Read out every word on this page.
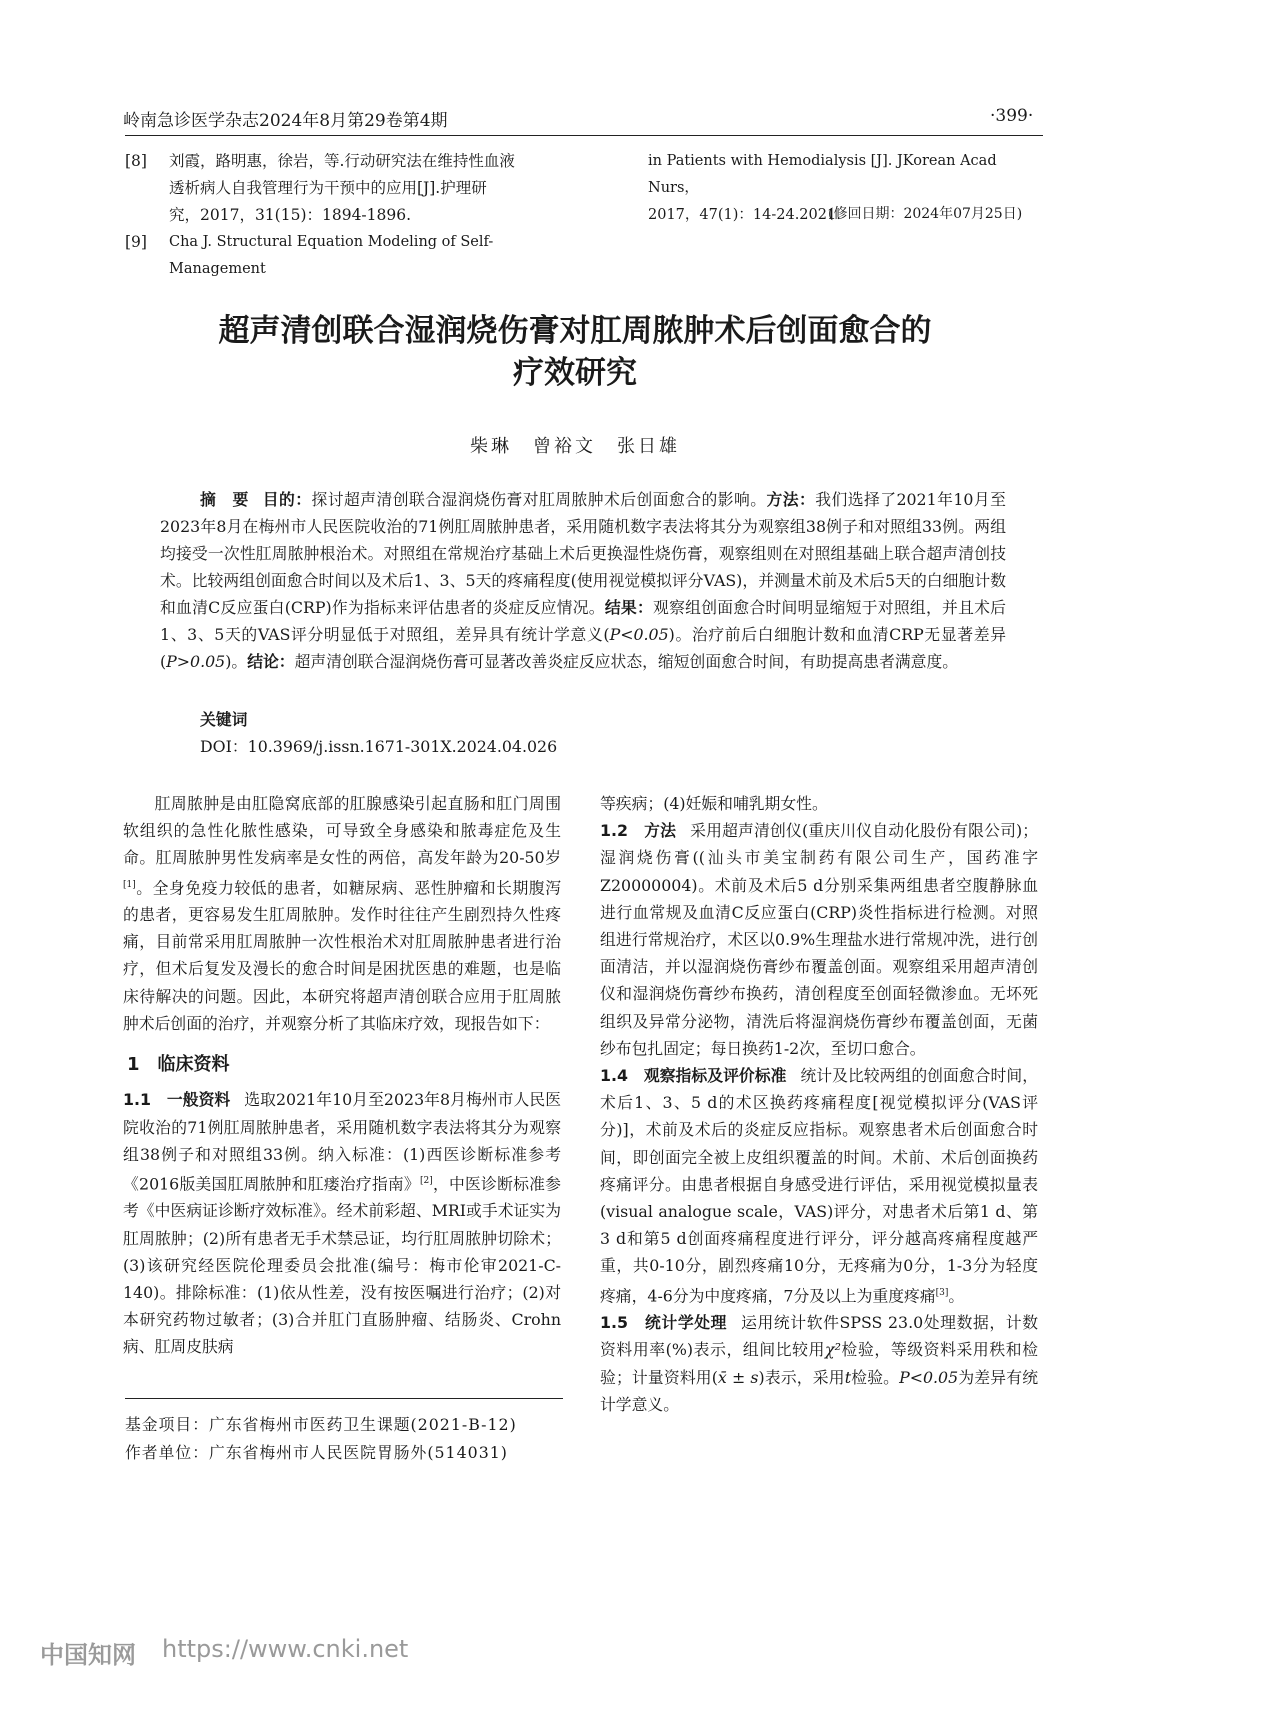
岭南急诊医学杂志2024年8月第29卷第4期	·399·
[8] 刘霞，路明惠，徐岩，等.行动研究法在维持性血液
透析病人自我管理行为干预中的应用[J].护理研
究，2017，31(15)：1894-1896.
[9] Cha J. Structural Equation Modeling of Self-Management
in Patients with Hemodialysis [J]. JKorean Acad Nurs，
2017，47(1)：14-24.2021.
(修回日期：2024年07月25日)
超声清创联合湿润烧伤膏对肛周脓肿术后创面愈合的
疗效研究
柴琳　曾裕文　张日雄
摘　要 目的：探讨超声清创联合湿润烧伤膏对肛周脓肿术后创面愈合的影响。方法：我们选择了2021年10月至2023年8月在梅州市人民医院收治的71例肛周脓肿患者，采用随机数字表法将其分为观察组38例子和对照组33例。两组均接受一次性肛周脓肿根治术。对照组在常规治疗基础上术后更换湿性烧伤膏，观察组则在对照组基础上联合超声清创技术。比较两组创面愈合时间以及术后1、3、5天的疼痛程度(使用视觉模拟评分VAS)，并测量术前及术后5天的白细胞计数和血清C反应蛋白(CRP)作为指标来评估患者的炎症反应情况。结果：观察组创面愈合时间明显缩短于对照组，并且术后1、3、5天的VAS评分明显低于对照组，差异具有统计学意义(P<0.05)。治疗前后白细胞计数和血清CRP无显著差异(P>0.05)。结论：超声清创联合湿润烧伤膏可显著改善炎症反应状态，缩短创面愈合时间，有助提高患者满意度。
关键词
DOI：10.3969/j.issn.1671-301X.2024.04.026

肛周脓肿是由肛隐窝底部的肛腺感染引起直肠和肛门周围软组织的急性化脓性感染，可导致全身感染和脓毒症危及生命。肛周脓肿男性发病率是女性的两倍，高发年龄为20-50岁[1]。全身免疫力较低的患者，如糖尿病、恶性肿瘤和长期腹泻的患者，更容易发生肛周脓肿。发作时往往产生剧烈持久性疼痛，目前常采用肛周脓肿一次性根治术对肛周脓肿患者进行治疗，但术后复发及漫长的愈合时间是困扰医患的难题，也是临床待解决的问题。因此，本研究将超声清创联合应用于肛周脓肿术后创面的治疗，并观察分析了其临床疗效，现报告如下：

1　临床资料

1.1　一般资料 选取2021年10月至2023年8月梅州市人民医院收治的71例肛周脓肿患者，采用随机数字表法将其分为观察组38例子和对照组33例。纳入标准：(1)西医诊断标准参考《2016版美国肛周脓肿和肛瘘治疗指南》[2]，中医诊断标准参考《中医病证诊断疗效标准》。经术前彩超、MRI或手术证实为肛周脓肿；(2)所有患者无手术禁忌证，均行肛周脓肿切除术；(3)该研究经医院伦理委员会批准(编号：梅市伦审2021-C-140)。排除标准：(1)依从性差，没有按医嘱进行治疗；(2)对本研究药物过敏者；(3)合并肛门直肠肿瘤、结肠炎、Crohn病、肛周皮肤病

等疾病；(4)妊娠和哺乳期女性。

1.2　方法 采用超声清创仪(重庆川仪自动化股份有限公司)；湿润烧伤膏((汕头市美宝制药有限公司生产，国药准字Z20000004)。术前及术后5 d分别采集两组患者空腹静脉血进行血常规及血清C反应蛋白(CRP)炎性指标进行检测。对照组进行常规治疗，术区以0.9%生理盐水进行常规冲洗，进行创面清洁，并以湿润烧伤膏纱布覆盖创面。观察组采用超声清创仪和湿润烧伤膏纱布换药，清创程度至创面轻微渗血。无坏死组织及异常分泌物，清洗后将湿润烧伤膏纱布覆盖创面，无菌纱布包扎固定；每日换药1-2次，至切口愈合。

1.4　观察指标及评价标准 统计及比较两组的创面愈合时间，术后1、3、5 d的术区换药疼痛程度[视觉模拟评分(VAS评分)]，术前及术后的炎症反应指标。观察患者术后创面愈合时间，即创面完全被上皮组织覆盖的时间。术前、术后创面换药疼痛评分。由患者根据自身感受进行评估，采用视觉模拟量表(visual analogue scale，VAS)评分，对患者术后第1 d、第3 d和第5 d创面疼痛程度进行评分，评分越高疼痛程度越严重，共0-10分，剧烈疼痛10分，无疼痛为0分，1-3分为轻度疼痛，4-6分为中度疼痛，7分及以上为重度疼痛[3]。

1.5　统计学处理 运用统计软件SPSS 23.0处理数据，计数资料用率(%)表示，组间比较用χ²检验，等级资料采用秩和检验；计量资料用(x̄ ± s)表示，采用t检验。P<0.05为差异有统计学意义。

基金项目：广东省梅州市医药卫生课题(2021-B-12)
作者单位：广东省梅州市人民医院胃肠外(514031)
中国知网 https://www.cnki.net
